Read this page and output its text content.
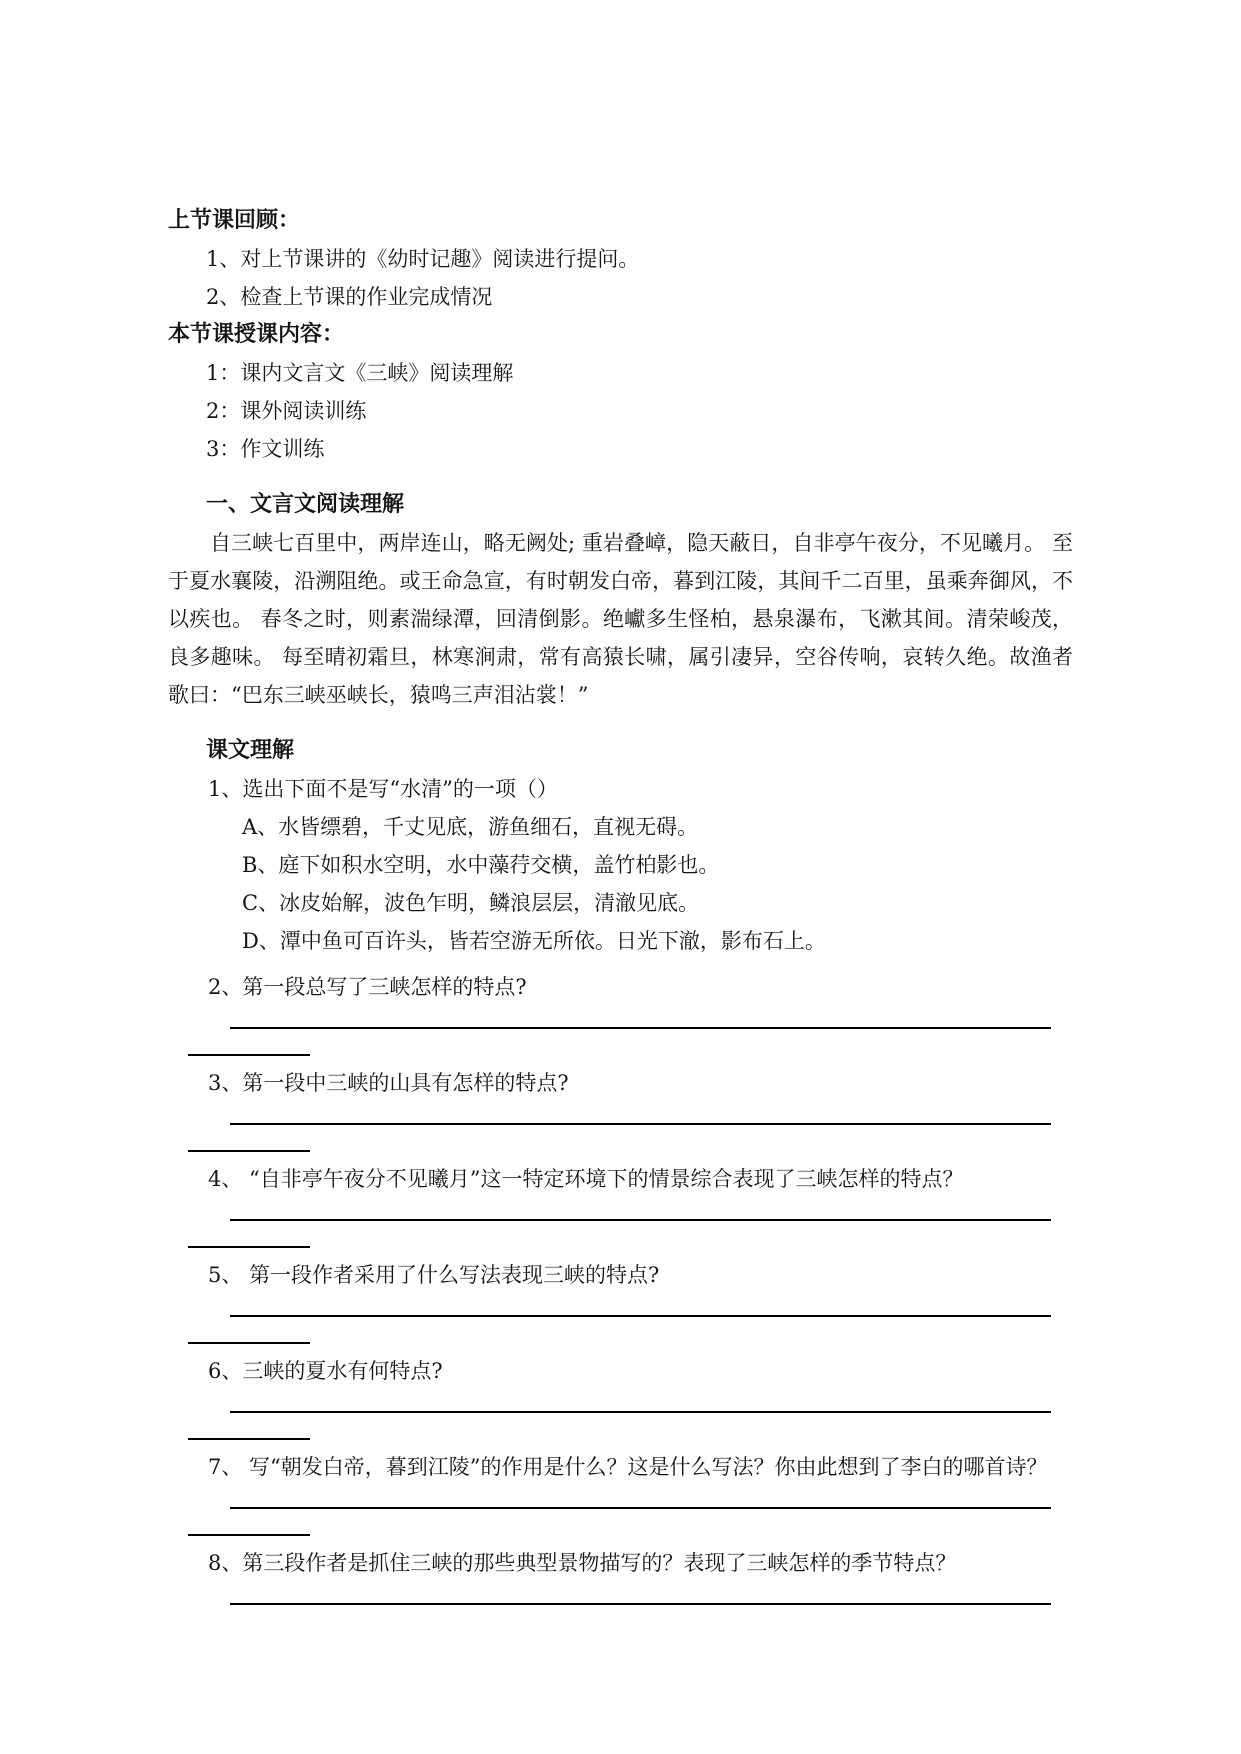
上节课回顾：
1、对上节课讲的《幼时记趣》阅读进行提问。
2、检查上节课的作业完成情况
本节课授课内容：
1：课内文言文《三峡》阅读理解
2：课外阅读训练
3：作文训练
一、文言文阅读理解
自三峡七百里中，两岸连山，略无阙处; 重岩叠嶂，隐天蔽日，自非亭午夜分，不见曦月。 至于夏水襄陵，沿溯阻绝。或王命急宣，有时朝发白帝，暮到江陵，其间千二百里，虽乘奔御风，不以疾也。 春冬之时，则素湍绿潭，回清倒影。绝巘多生怪柏，悬泉瀑布，飞漱其间。清荣峻茂，良多趣味。 每至晴初霜旦，林寒涧肃，常有高猿长啸，属引凄异，空谷传响，哀转久绝。故渔者歌曰：“巴东三峡巫峡长，猿鸣三声泪沾裳！”
课文理解
1、选出下面不是写“水清”的一项（）
A、水皆缥碧，千丈见底，游鱼细石，直视无碍。
B、庭下如积水空明，水中藻荇交横，盖竹柏影也。
C、冰皮始解，波色乍明，鳞浪层层，清澈见底。
D、潭中鱼可百许头，皆若空游无所依。日光下澈，影布石上。
2、第一段总写了三峡怎样的特点?
3、第一段中三峡的山具有怎样的特点?
4、 “自非亭午夜分不见曦月”这一特定环境下的情景综合表现了三峡怎样的特点？
5、 第一段作者采用了什么写法表现三峡的特点?
6、三峡的夏水有何特点?
7、 写“朝发白帝，暮到江陵”的作用是什么？这是什么写法？你由此想到了李白的哪首诗？
8、第三段作者是抓住三峡的那些典型景物描写的？表现了三峡怎样的季节特点？
